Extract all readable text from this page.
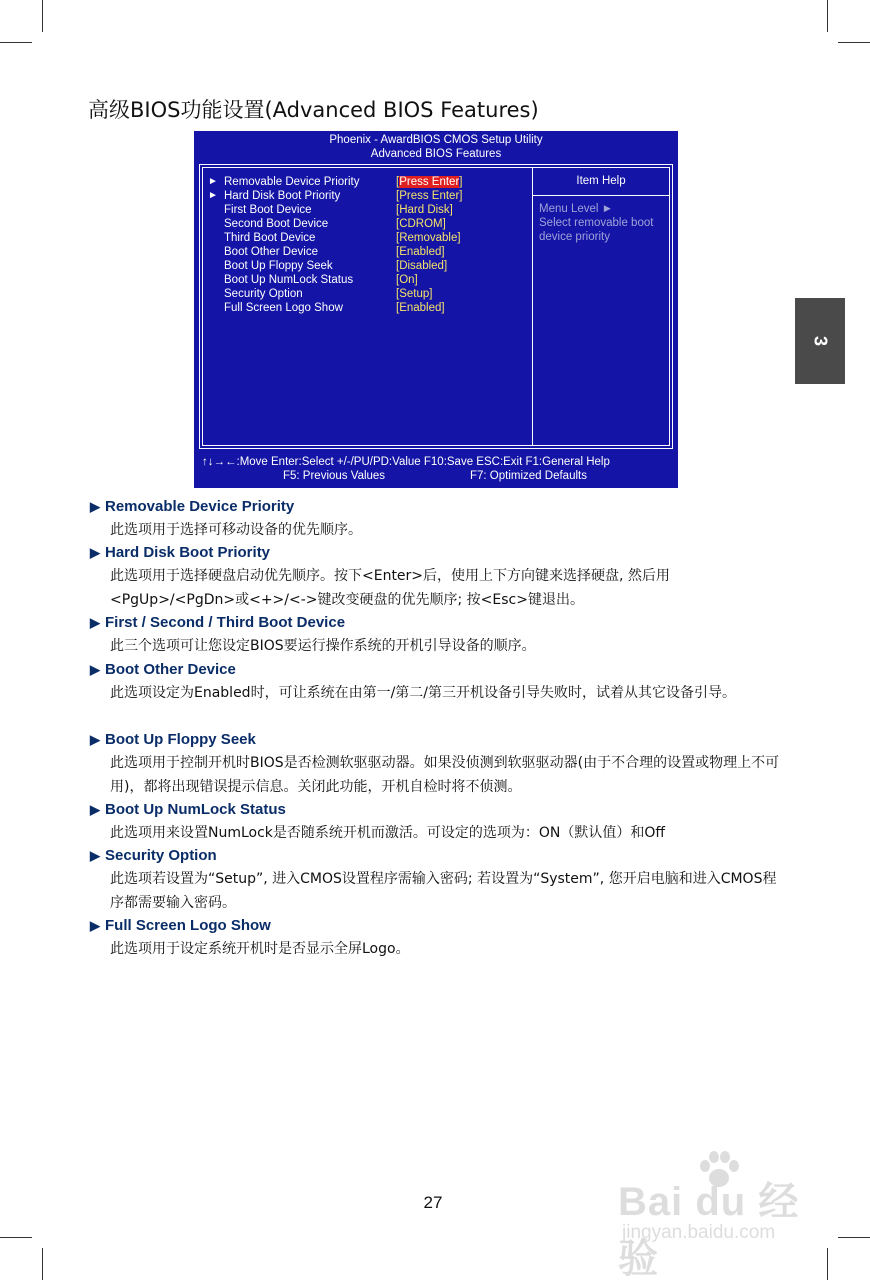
高级BIOS功能设置(Advanced BIOS Features)
Phoenix - AwardBIOS CMOS Setup Utility
Advanced BIOS Features
► Removable Device Priority	[Press Enter]
► Hard Disk Boot Priority	[Press Enter]
First Boot Device	[Hard Disk]
Second Boot Device	[CDROM]
Third Boot Device	[Removable]
Boot Other Device	[Enabled]
Boot Up Floppy Seek	[Disabled]
Boot Up NumLock Status	[On]
Security Option	[Setup]
Full Screen Logo Show	[Enabled]
Item Help
Menu Level ►
Select removable boot device priority
↑↓→←:Move Enter:Select +/-/PU/PD:Value F10:Save ESC:Exit F1:General Help
F5: Previous Values	F7: Optimized Defaults
▶ Removable Device Priority
此选项用于选择可移动设备的优先顺序。
▶ Hard Disk Boot Priority
此选项用于选择硬盘启动优先顺序。按下<Enter>后，使用上下方向键来选择硬盘, 然后用<PgUp>/<PgDn>或<+>/<->键改变硬盘的优先顺序; 按<Esc>键退出。
▶ First / Second / Third Boot Device
此三个选项可让您设定BIOS要运行操作系统的开机引导设备的顺序。
▶ Boot Other Device
此选项设定为Enabled时，可让系统在由第一/第二/第三开机设备引导失败时，试着从其它设备引导。
▶ Boot Up Floppy Seek
此选项用于控制开机时BIOS是否检测软驱驱动器。如果没侦测到软驱驱动器(由于不合理的设置或物理上不可用)，都将出现错误提示信息。关闭此功能，开机自检时将不侦测。
▶ Boot Up NumLock Status
此选项用来设置NumLock是否随系统开机而激活。可设定的选项为：ON（默认值）和Off
▶ Security Option
此选项若设置为“Setup”, 进入CMOS设置程序需输入密码; 若设置为“System”, 您开启电脑和进入CMOS程序都需要输入密码。
▶ Full Screen Logo Show
此选项用于设定系统开机时是否显示全屏Logo。
3
27	Bai du 经验
jingyan.baidu.com
